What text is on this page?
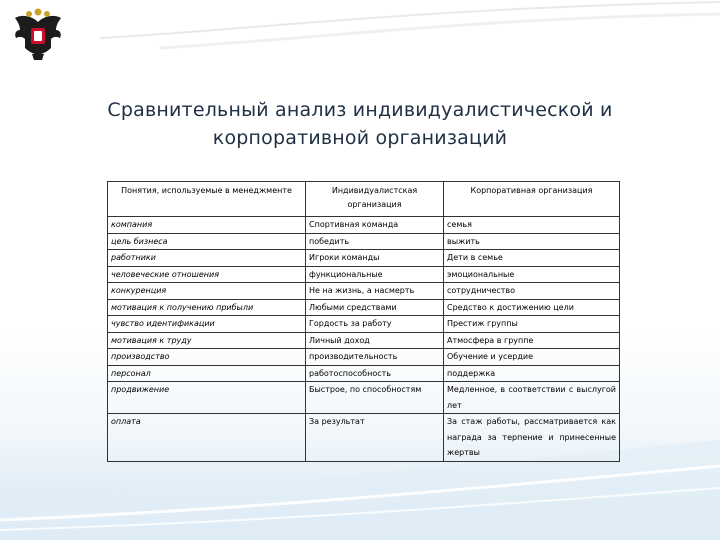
Сравнительный анализ индивидуалистической и
корпоративной организаций
Понятия, используемые в менеджменте	Индивидуалистская организация	Корпоративная организация
компания	Спортивная команда	семья
цель бизнеса	победить	выжить
работники	Игроки команды	Дети в семье
человеческие отношения	функциональные	эмоциональные
конкуренция	Не на жизнь, а насмерть	сотрудничество
мотивация к получению прибыли	Любыми средствами	Средство к достижению цели
чувство идентификации	Гордость за работу	Престиж группы
мотивация к труду	Личный доход	Атмосфера в группе
производство	производительность	Обучение и усердие
персонал	работоспособность	поддержка
продвижение	Быстрое, по способностям	Медленное, в соответствии с выслугой лет
оплата	За результат	За стаж работы, рассматривается как награда за терпение и принесенные жертвы
